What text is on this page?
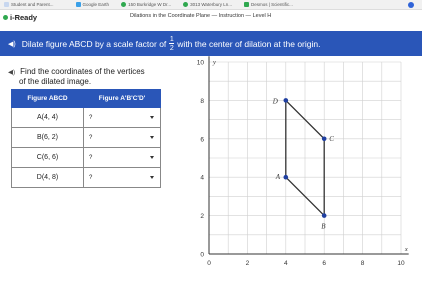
Student and Parent...	Google Earth	150 Burkridge W Dr...	3013 Waterbury Ln...	Desmos | Scientific...
i-Ready	Dilations in the Coordinate Plane — Instruction — Level H
◀) Dilate figure ABCD by a scale factor of $\frac{1}{2}$ with the center of dilation at the origin.
◀) Find the coordinates of the vertices
of the dilated image.
Figure ABCD	Figure A'B'C'D'
A(4, 4)	?

B(6, 2)	?

C(6, 6)	?

D(4, 8)	?
0	2	4	6	8	10
0
2
4
6
8
10
x
y
A
B
C
D
